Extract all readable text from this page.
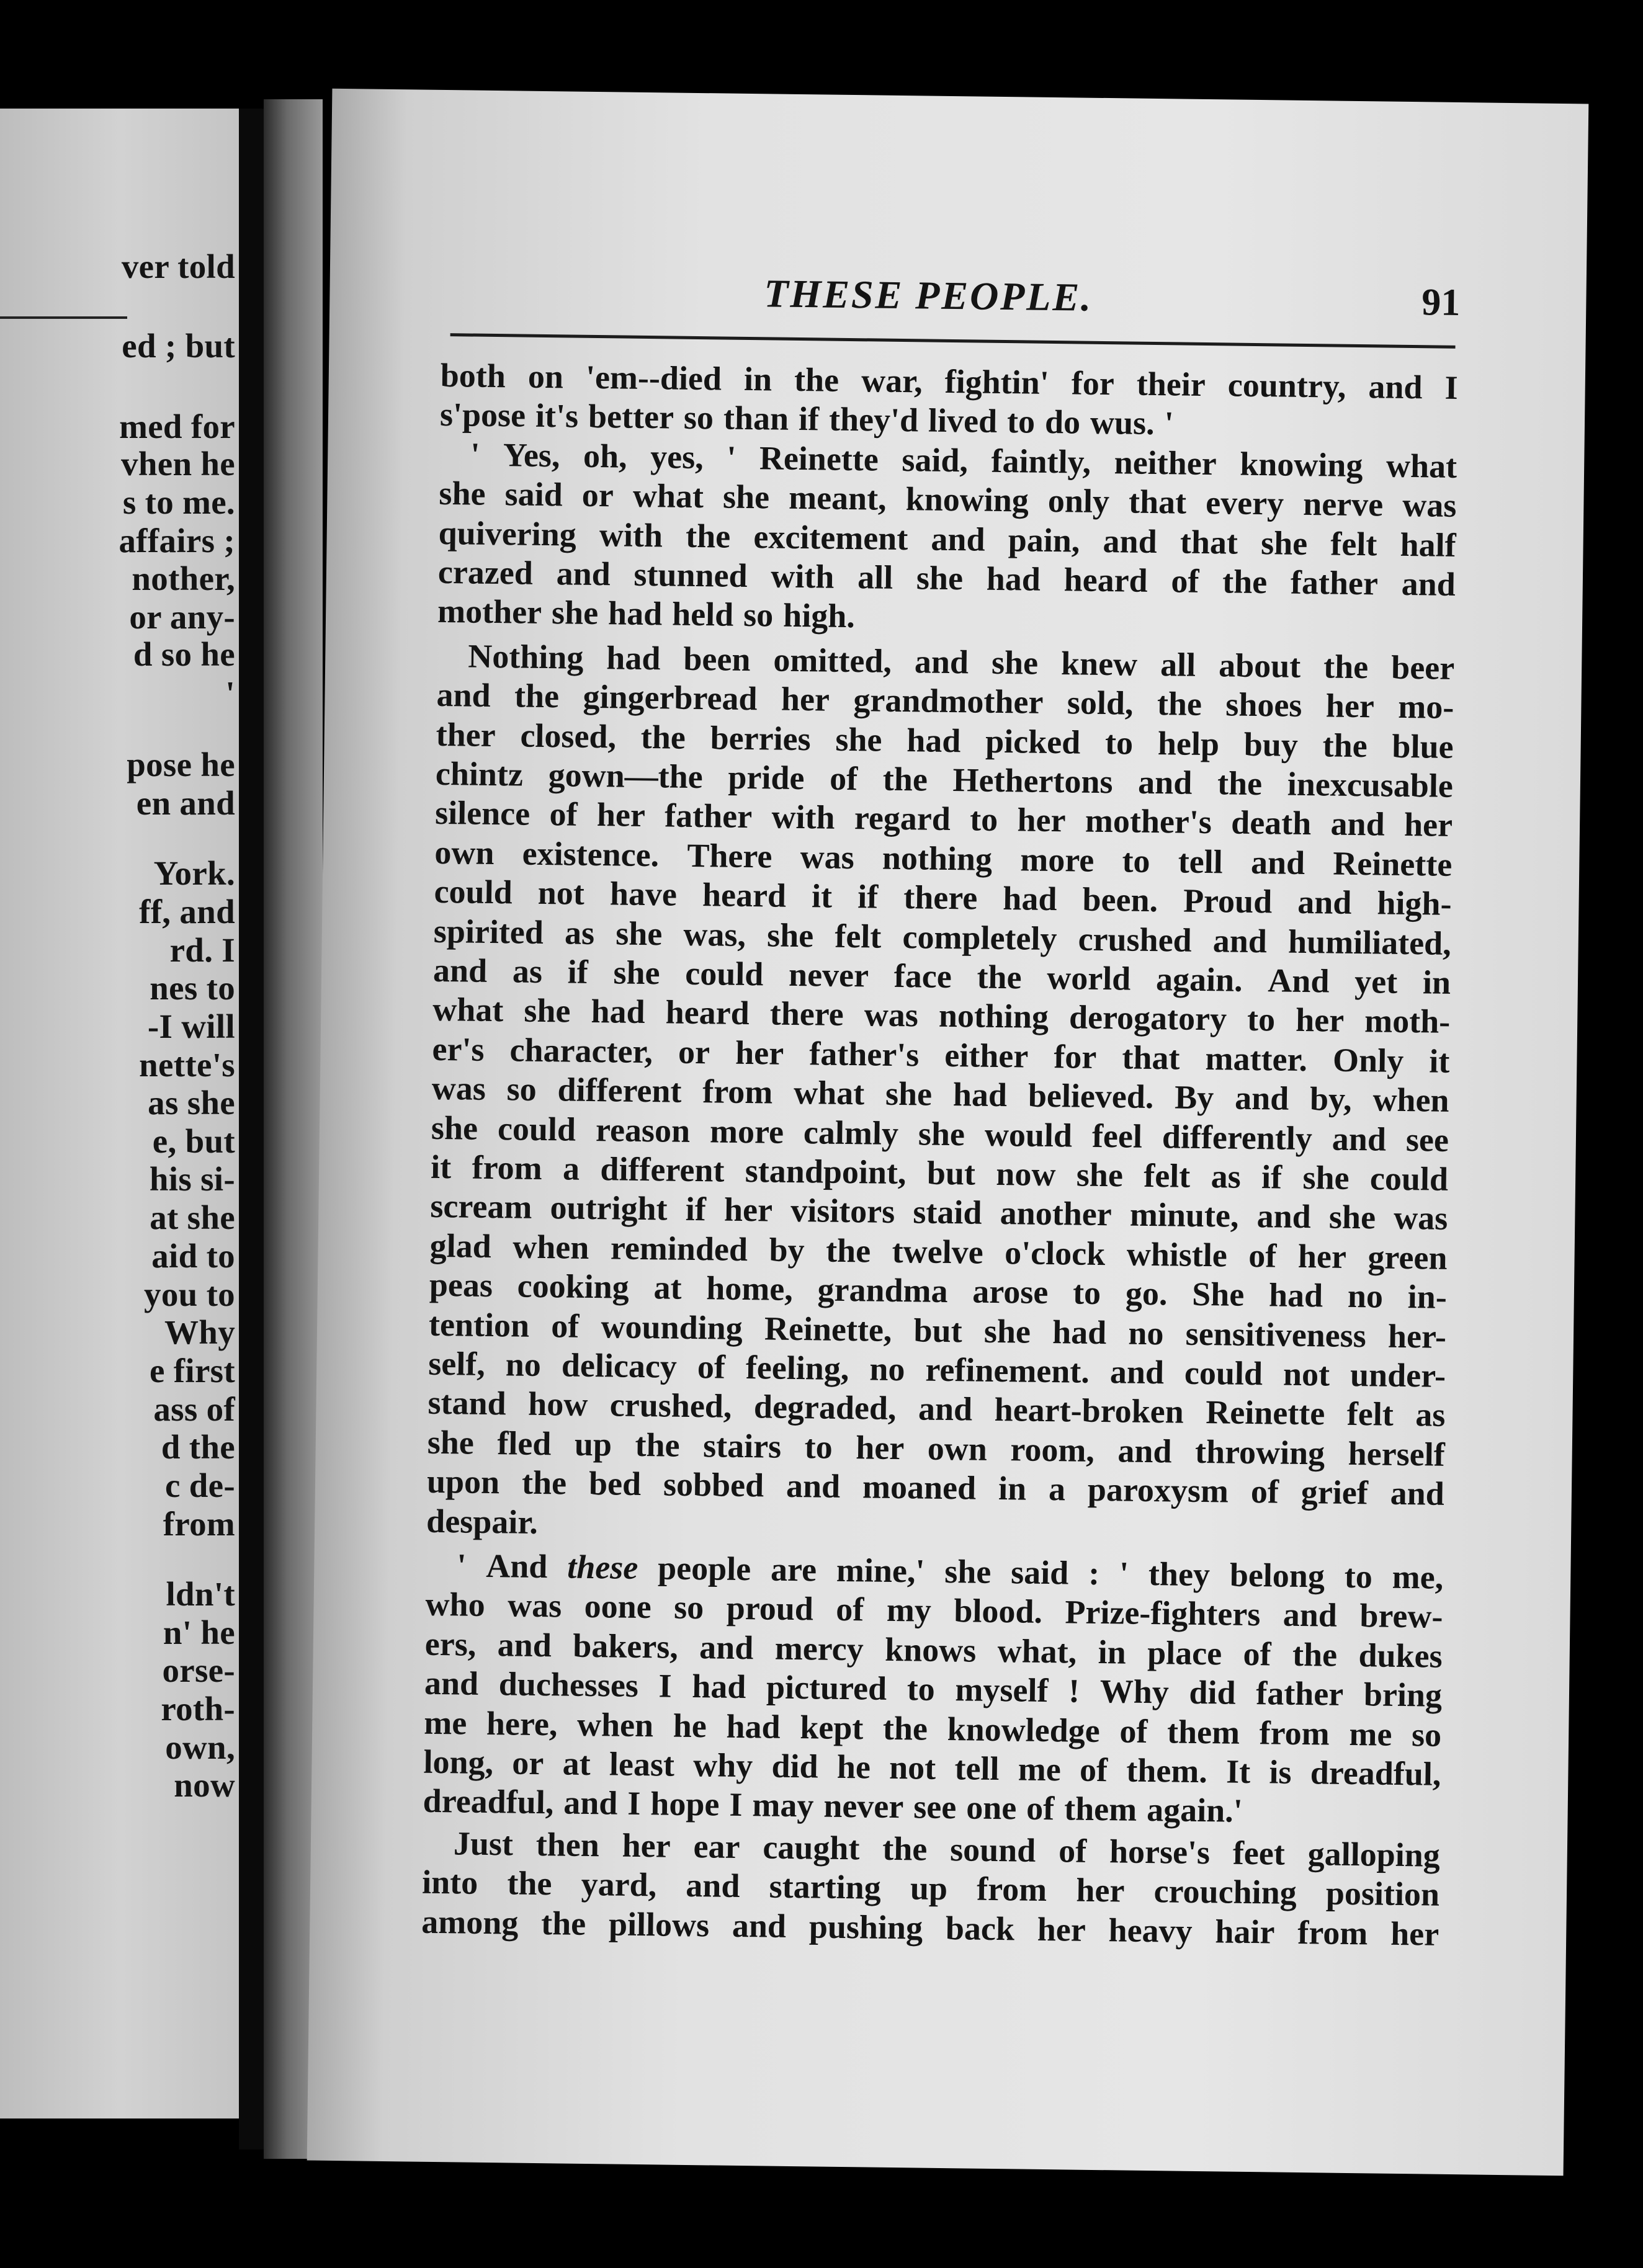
ver told
ed ; but
med for
vhen he
s to me.
affairs ;
nother,
or any-
d so he
'
pose he
en and
York.
ff, and
rd. I
nes to
-I will
nette's
as she
e, but
his si-
at she
aid to
you to
Why
e first
ass of
d the
c de-
from
ldn't
n' he
orse-
roth-
own,
now
THESE PEOPLE.	91
both on 'em--died in the war, fightin' for their country, and I
s'pose it's better so than if they'd lived to do wus. '
' Yes, oh, yes, ' Reinette said, faintly, neither knowing what
she said or what she meant, knowing only that every nerve was
quivering with the excitement and pain, and that she felt half
crazed and stunned with all she had heard of the father and
mother she had held so high.
Nothing had been omitted, and she knew all about the beer
and the gingerbread her grandmother sold, the shoes her mo-
ther closed, the berries she had picked to help buy the blue
chintz gown—the pride of the Hethertons and the inexcusable
silence of her father with regard to her mother's death and her
own existence. There was nothing more to tell and Reinette
could not have heard it if there had been. Proud and high-
spirited as she was, she felt completely crushed and humiliated,
and as if she could never face the world again. And yet in
what she had heard there was nothing derogatory to her moth-
er's character, or her father's either for that matter. Only it
was so different from what she had believed. By and by, when
she could reason more calmly she would feel differently and see
it from a different standpoint, but now she felt as if she could
scream outright if her visitors staid another minute, and she was
glad when reminded by the twelve o'clock whistle of her green
peas cooking at home, grandma arose to go. She had no in-
tention of wounding Reinette, but she had no sensitiveness her-
self, no delicacy of feeling, no refinement. and could not under-
stand how crushed, degraded, and heart-broken Reinette felt as
she fled up the stairs to her own room, and throwing herself
upon the bed sobbed and moaned in a paroxysm of grief and
despair.
' And these people are mine,' she said : ' they belong to me,
who was oone so proud of my blood. Prize-fighters and brew-
ers, and bakers, and mercy knows what, in place of the dukes
and duchesses I had pictured to myself ! Why did father bring
me here, when he had kept the knowledge of them from me so
long, or at least why did he not tell me of them. It is dreadful,
dreadful, and I hope I may never see one of them again.'
Just then her ear caught the sound of horse's feet galloping
into the yard, and starting up from her crouching position
among the pillows and pushing back her heavy hair from her
